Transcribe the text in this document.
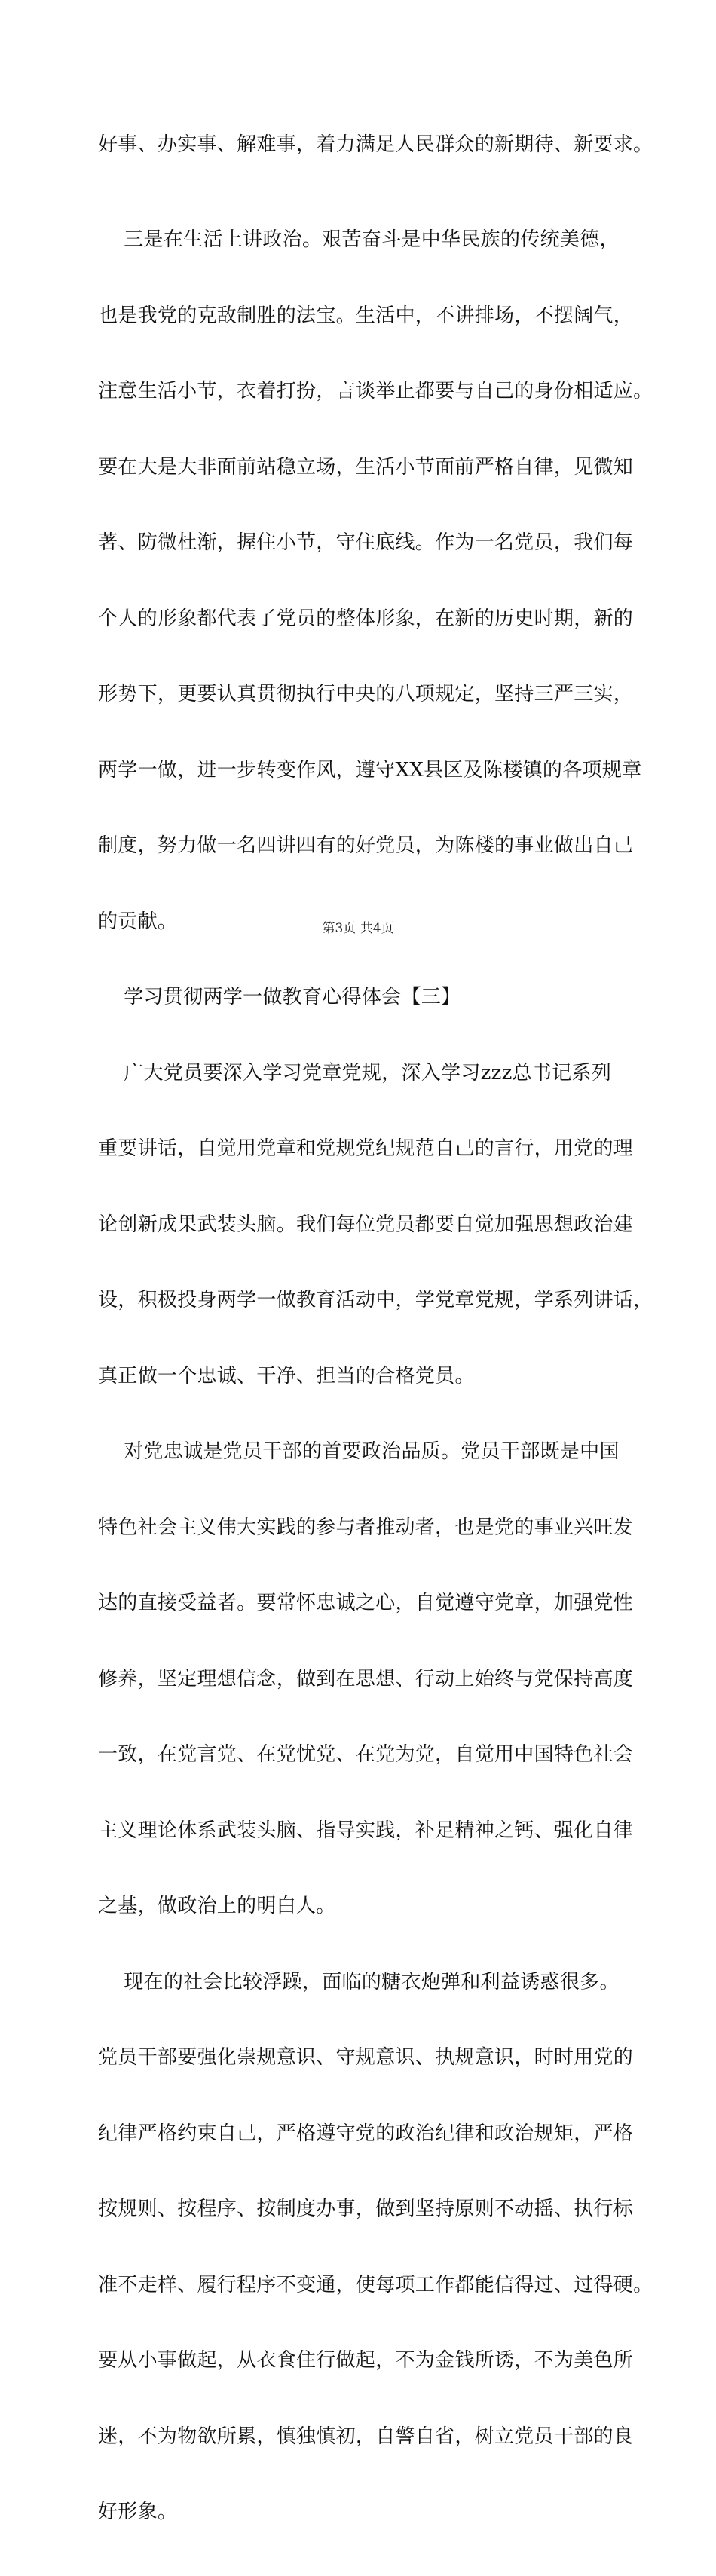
好事、办实事、解难事，着力满足人民群众的新期待、新要求。

三是在生活上讲政治。艰苦奋斗是中华民族的传统美德，

也是我党的克敌制胜的法宝。生活中，不讲排场，不摆阔气，

注意生活小节，衣着打扮，言谈举止都要与自己的身份相适应。

要在大是大非面前站稳立场，生活小节面前严格自律，见微知

著、防微杜渐，握住小节，守住底线。作为一名党员，我们每

个人的形象都代表了党员的整体形象，在新的历史时期，新的

形势下，更要认真贯彻执行中央的八项规定，坚持三严三实，

两学一做，进一步转变作风，遵守XX县区及陈楼镇的各项规章

制度，努力做一名四讲四有的好党员，为陈楼的事业做出自己

的贡献。

学习贯彻两学一做教育心得体会【三】

广大党员要深入学习党章党规，深入学习zzz总书记系列

重要讲话，自觉用党章和党规党纪规范自己的言行，用党的理

论创新成果武装头脑。我们每位党员都要自觉加强思想政治建

设，积极投身两学一做教育活动中，学党章党规，学系列讲话，

真正做一个忠诚、干净、担当的合格党员。

对党忠诚是党员干部的首要政治品质。党员干部既是中国

特色社会主义伟大实践的参与者推动者，也是党的事业兴旺发

达的直接受益者。要常怀忠诚之心，自觉遵守党章，加强党性

修养，坚定理想信念，做到在思想、行动上始终与党保持高度

一致，在党言党、在党忧党、在党为党，自觉用中国特色社会

主义理论体系武装头脑、指导实践，补足精神之钙、强化自律

之基，做政治上的明白人。

现在的社会比较浮躁，面临的糖衣炮弹和利益诱惑很多。

党员干部要强化崇规意识、守规意识、执规意识，时时用党的

纪律严格约束自己，严格遵守党的政治纪律和政治规矩，严格

按规则、按程序、按制度办事，做到坚持原则不动摇、执行标

准不走样、履行程序不变通，使每项工作都能信得过、过得硬。

要从小事做起，从衣食住行做起，不为金钱所诱，不为美色所

迷，不为物欲所累，慎独慎初，自警自省，树立党员干部的良

好形象。

第3页 共4页
